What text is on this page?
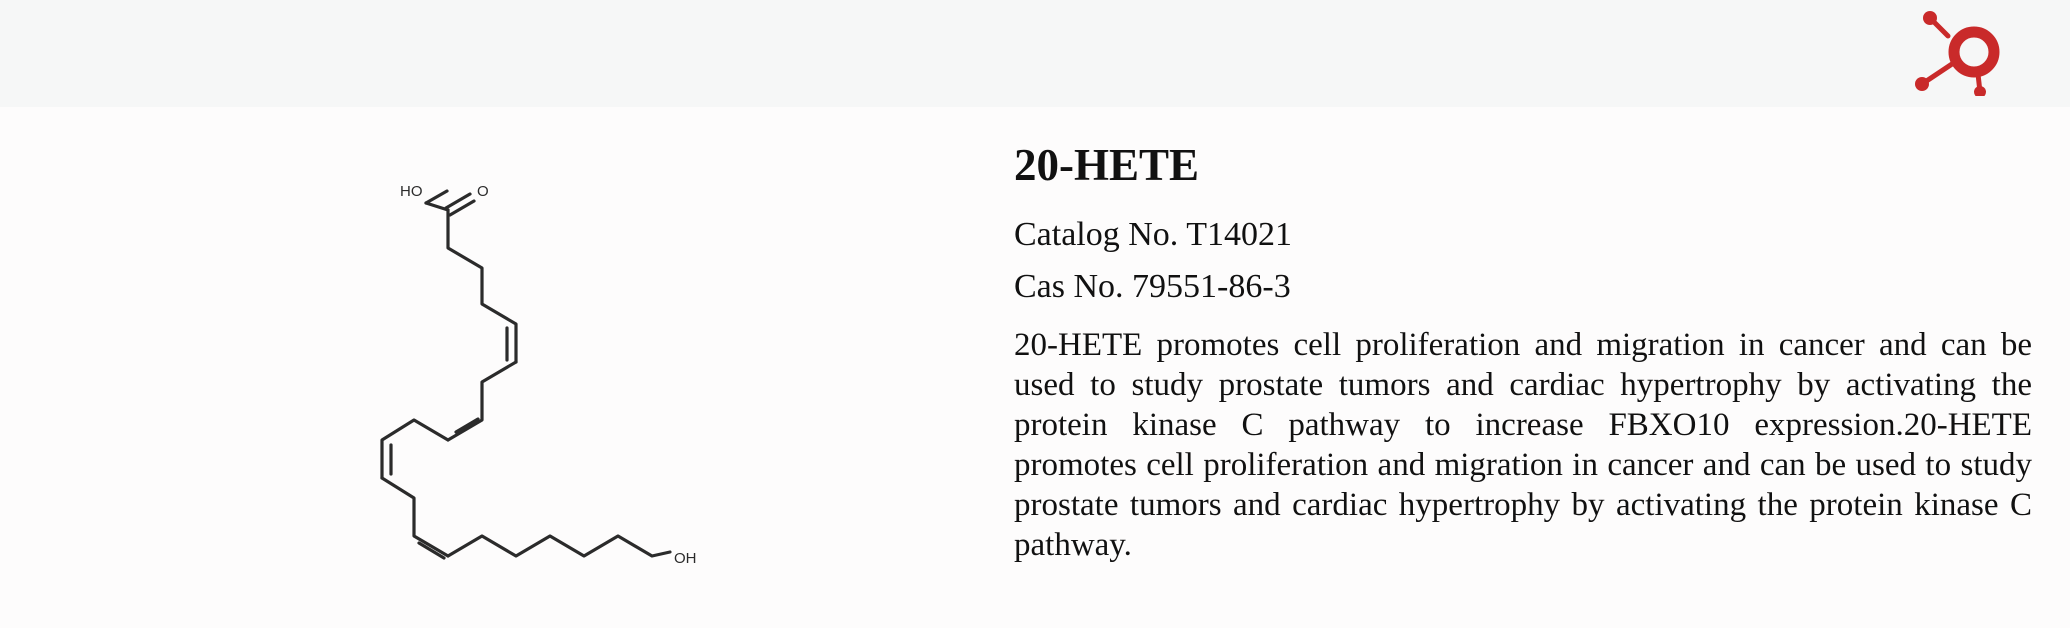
HO	O
OH
20-HETE

Catalog No. T14021

Cas No. 79551-86-3

20-HETE promotes cell proliferation and migration in cancer and can be used to study prostate tumors and cardiac hypertrophy by activating the protein kinase C pathway to increase FBXO10 expression.20-HETE promotes cell proliferation and migration in cancer and can be used to study prostate tumors and cardiac hypertrophy by activating the protein kinase C pathway.
